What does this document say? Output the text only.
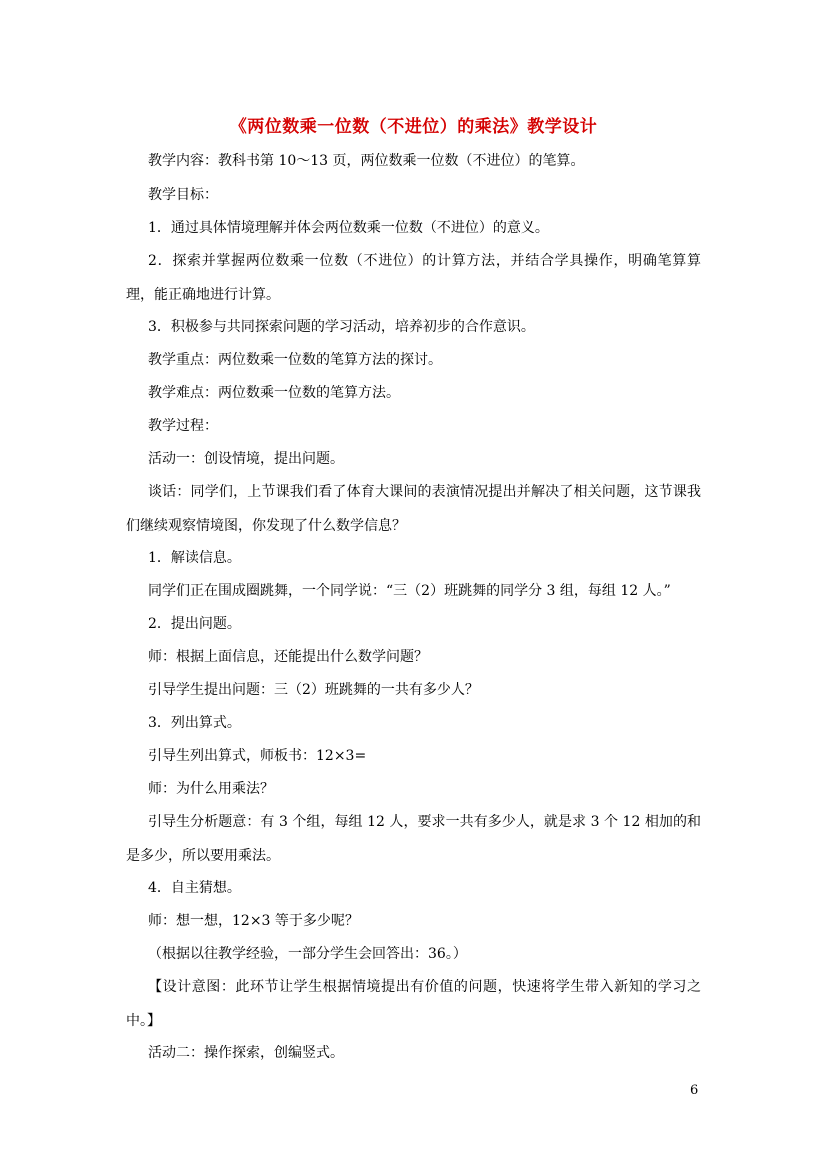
《两位数乘一位数（不进位）的乘法》教学设计
教学内容：教科书第 10～13 页，两位数乘一位数（不进位）的笔算。
教学目标：
1．通过具体情境理解并体会两位数乘一位数（不进位）的意义。
2．探索并掌握两位数乘一位数（不进位）的计算方法，并结合学具操作，明确笔算算理，能正确地进行计算。
3．积极参与共同探索问题的学习活动，培养初步的合作意识。
教学重点：两位数乘一位数的笔算方法的探讨。
教学难点：两位数乘一位数的笔算方法。
教学过程：
活动一：创设情境，提出问题。
谈话：同学们，上节课我们看了体育大课间的表演情况提出并解决了相关问题，这节课我们继续观察情境图，你发现了什么数学信息？
1．解读信息。
同学们正在围成圈跳舞，一个同学说：“三（2）班跳舞的同学分 3 组，每组 12 人。”
2．提出问题。
师：根据上面信息，还能提出什么数学问题？
引导学生提出问题：三（2）班跳舞的一共有多少人？
3．列出算式。
引导生列出算式，师板书：12×3=
师：为什么用乘法？
引导生分析题意：有 3 个组，每组 12 人，要求一共有多少人，就是求 3 个 12 相加的和是多少，所以要用乘法。
4．自主猜想。
师：想一想，12×3 等于多少呢？
（根据以往教学经验，一部分学生会回答出：36。）
【设计意图：此环节让学生根据情境提出有价值的问题，快速将学生带入新知的学习之中。】
活动二：操作探索，创编竖式。
6
